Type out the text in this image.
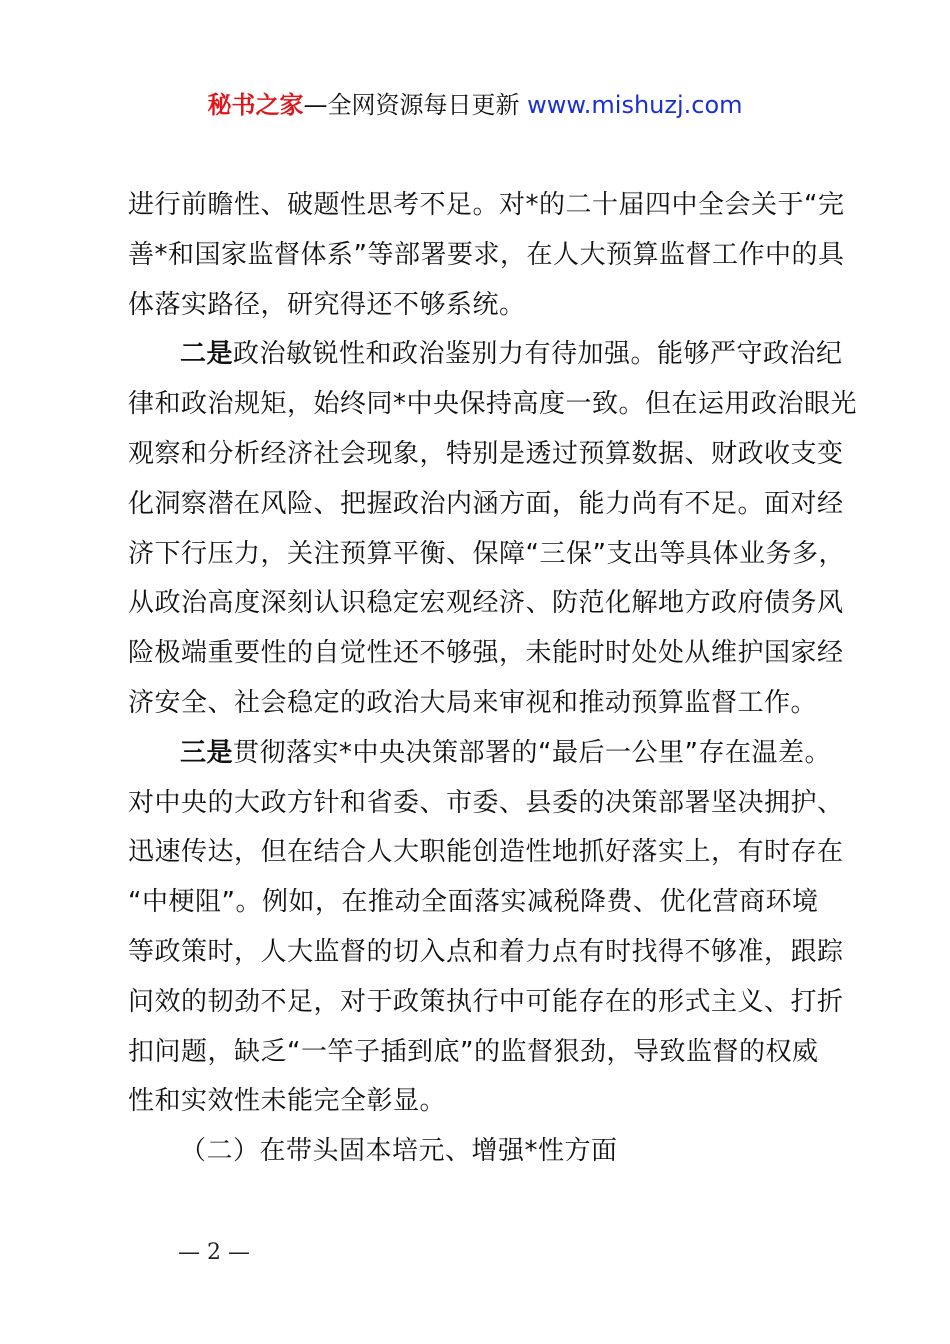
秘书之家—全网资源每日更新 www.mishuzj.com
进行前瞻性、破题性思考不足。对*的二十届四中全会关于“完
善*和国家监督体系”等部署要求，在人大预算监督工作中的具
体落实路径，研究得还不够系统。
二是政治敏锐性和政治鉴别力有待加强。能够严守政治纪
律和政治规矩，始终同*中央保持高度一致。但在运用政治眼光
观察和分析经济社会现象，特别是透过预算数据、财政收支变
化洞察潜在风险、把握政治内涵方面，能力尚有不足。面对经
济下行压力，关注预算平衡、保障“三保”支出等具体业务多，
从政治高度深刻认识稳定宏观经济、防范化解地方政府债务风
险极端重要性的自觉性还不够强，未能时时处处从维护国家经
济安全、社会稳定的政治大局来审视和推动预算监督工作。
三是贯彻落实*中央决策部署的“最后一公里”存在温差。
对中央的大政方针和省委、市委、县委的决策部署坚决拥护、
迅速传达，但在结合人大职能创造性地抓好落实上，有时存在
“中梗阻”。例如，在推动全面落实减税降费、优化营商环境
等政策时，人大监督的切入点和着力点有时找得不够准，跟踪
问效的韧劲不足，对于政策执行中可能存在的形式主义、打折
扣问题，缺乏“一竿子插到底”的监督狠劲，导致监督的权威
性和实效性未能完全彰显。
（二）在带头固本培元、增强*性方面
— 2 —
